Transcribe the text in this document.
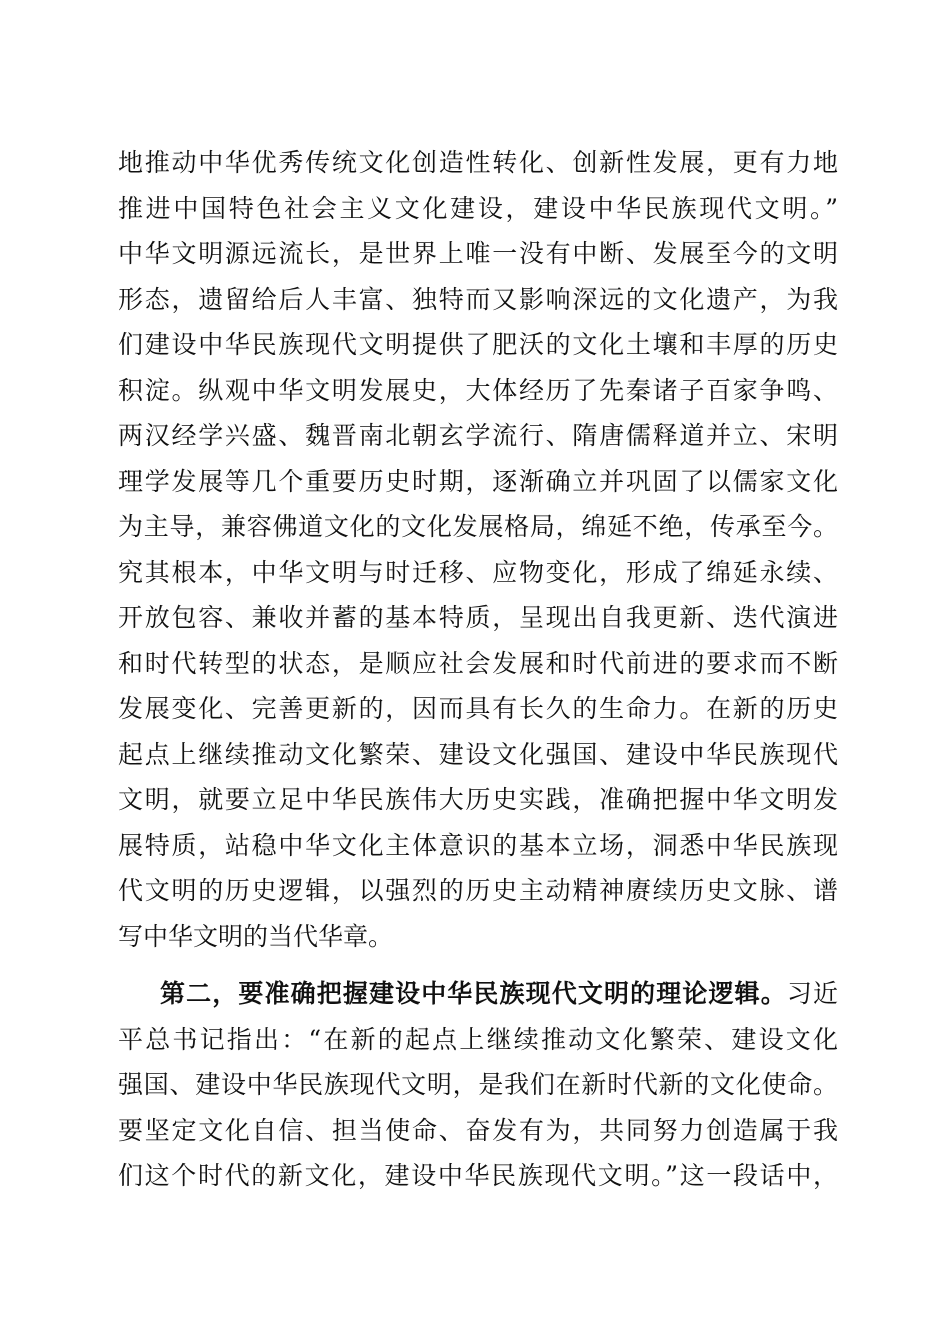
地推动中华优秀传统文化创造性转化、创新性发展，更有力地
推进中国特色社会主义文化建设，建设中华民族现代文明。”
中华文明源远流长，是世界上唯一没有中断、发展至今的文明
形态，遗留给后人丰富、独特而又影响深远的文化遗产，为我
们建设中华民族现代文明提供了肥沃的文化土壤和丰厚的历史
积淀。纵观中华文明发展史，大体经历了先秦诸子百家争鸣、
两汉经学兴盛、魏晋南北朝玄学流行、隋唐儒释道并立、宋明
理学发展等几个重要历史时期，逐渐确立并巩固了以儒家文化
为主导，兼容佛道文化的文化发展格局，绵延不绝，传承至今。
究其根本，中华文明与时迁移、应物变化，形成了绵延永续、
开放包容、兼收并蓄的基本特质，呈现出自我更新、迭代演进
和时代转型的状态，是顺应社会发展和时代前进的要求而不断
发展变化、完善更新的，因而具有长久的生命力。在新的历史
起点上继续推动文化繁荣、建设文化强国、建设中华民族现代
文明，就要立足中华民族伟大历史实践，准确把握中华文明发
展特质，站稳中华文化主体意识的基本立场，洞悉中华民族现
代文明的历史逻辑，以强烈的历史主动精神赓续历史文脉、谱
写中华文明的当代华章。
第二，要准确把握建设中华民族现代文明的理论逻辑。习近
平总书记指出：“在新的起点上继续推动文化繁荣、建设文化
强国、建设中华民族现代文明，是我们在新时代新的文化使命。
要坚定文化自信、担当使命、奋发有为，共同努力创造属于我
们这个时代的新文化，建设中华民族现代文明。”这一段话中，
